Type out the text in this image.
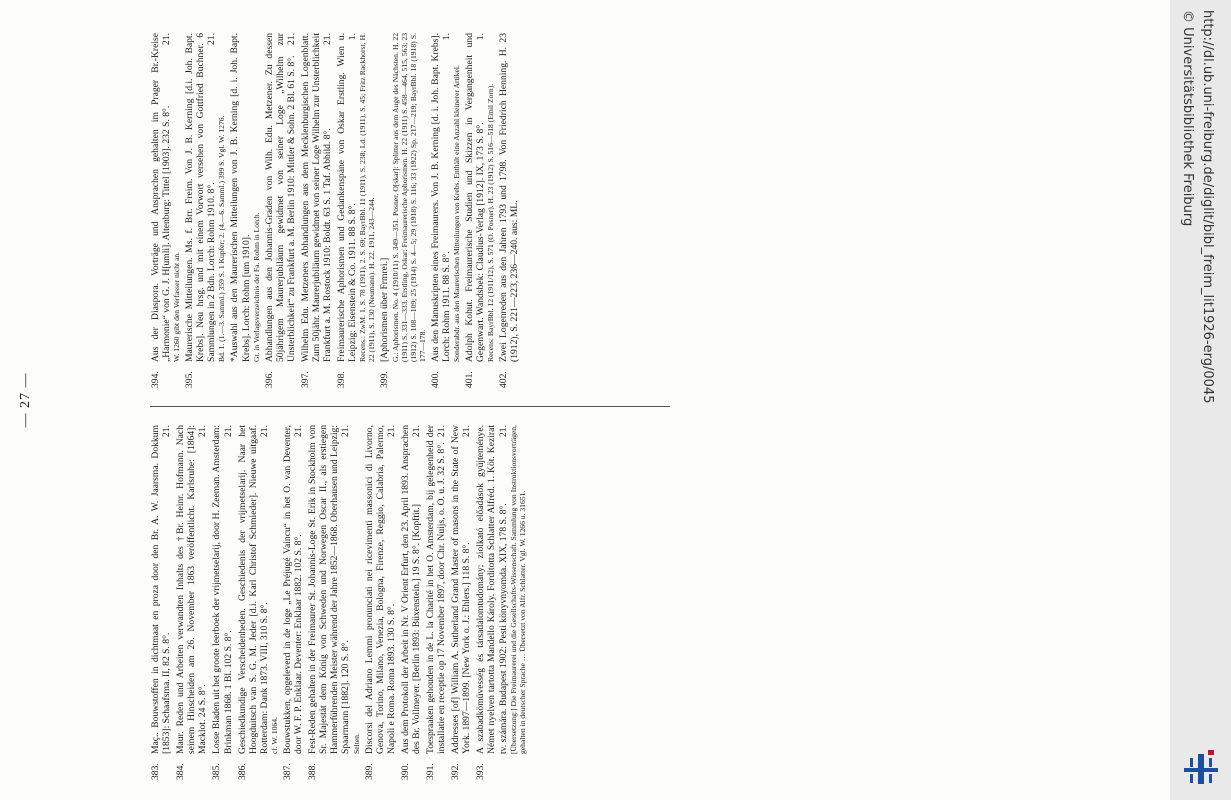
— 27 —
383.
Maç.. Bouwstoffen in dichtmaat en proza door den Br. A. W. Jaarsma. Dokkum [1853]: Schaafsma. II, 82 S. 8°.
21.
384.
Maur. Reden und Arbeiten verwandten Inhalts des †Br. Heinr. Hofmann. Nach seinem Hinscheiden am 26. November 1863 veröffentlicht. Karlsruhe: [1864]: Macklot. 24 S. 8°.
21.
385.
Losse Bladen uit het groote leerboek der vrijmetselarij, door H. Zeeman. Amsterdam: Brinkman 1868. 1 Bl. 102 S. 8°.
21.
386.
Geschiedkundige Verscheidenheden. Geschiedenis der vrijmetselarij. Naar het Hoogduitsch van S. G. M. Jeder [d.i. Karl Christof Schmieder]. Nieuwe uitgaaf. Rotterdam: Dank 1873. VIII, 310 S. 8°.
21.
cf. W. 1064.
387.
Bouwstukken, opgeleverd in de loge „Le Préjugé Vaincu“ in het O. van Deventer, door W. F. P. Enklaar. Deventer: Enklaar 1882. 102 S. 8°.
21.
388.
Fest-Reden gehalten in der Freimaurer St. Johannis-Loge St. Erik in Stockholm von Sr. Majestät dem König von Schweden und Norwegen Oscar II., als erstiegen Hammerführenden Meister während der Jahre 1852—1868. Oberhausen und Leipzig: Spaarmann [1882]. 120 S. 8°.
21.
Selten.
389.
Discorsi del Adriano Lemmi pronunciati nei ricevimenti massonici di Livorno, Genova, Torino, Milano, Venezia, Bologna, Firenze, Reggio, Calabria, Palermo, Napoli e Roma. Roma 1893. 130 S. 8°.
21.
390.
Aus dem Protokoll der Arbeit in Nr. V Orient Erfurt, den 23. April 1893. Ansprachen des Br. Vollmeyer. [Berlin 1893: Büxenstein.] 19 S. 8°. [Kopftit.]
21.
391.
Toespraaken gehouden in de L. la Charité in het O. Amsterdam, bij gelegenheid der installatie en receptie op 17 November 1897, door Chr. Nuijs, o. O. u. J. 32 S. 8°.
21.
392.
Addresses [of] William A. Sutherland Grand Master of masons in the State of New York. 1897—1899. [New York o. J.: Ehlers.] 118 S. 8°.
21.
393.
A szabadkömüvesség és társadalomtudomány; ziolkató előadások gyüjteménye. Német nyelven tartotta Mandello Károly. Forditotta Schlatter Alfréd. 1. Köt. Kezirat tv. számára. Budapest 1902: Pesti könyvnyomda. XIX, 178 S. 8°.
21. [Übersetzung:] Die Freimaurerei und die Gesellschafts-Wissenschaft. Sammlung von Instruktionsvorträgen, gehalten in deutscher Sprache … Übersetzt von Alfr. Schlatter. Vgl. W. 1266 u. 31651.
394.
Aus der Diaspora. Vorträge und Ansprachen gehalten im Prager Br.-Kreise „Harmonie“ von G. J. H[umli]. Altenburg: Tittel [1903]. 232 S. 8°.
21.
W. 1260 gibt den Verfasser nicht an.
395.
Maurerische Mitteilungen. Ms. f. Brr. Freim. Von J. B. Kerning [d.i. Joh. Bapt. Krebs]. Neu hrsg. und mit einem Vorwort versehen von Gottfried Buchner. 6 Sammlungen in 2 Bdn. Lorch: Rohm 1910. 8°.
21.
Bd. 1. (1.—3. Samml.) 359 S. 1 Kupfer; 2. (4.—6. Samml.) 399 S. Vgl. W. 1276. *Auswahl aus den Maurerischen Mitteilungen von J. B. Kerning [d. i. Joh. Bapt. Krebs]. Lorch: Rohm [um 1910]. Gt. in Verlagsverzeichnis der Fa. Rohm in Lorch.
396.
Abhandlungen aus den Johannis-Graden von Wilh. Edu. Metzener. Zu dessen 50jährigem Maurerjubiläum gewidmet von seiner Loge „Wilhelm zur Unsterblichkeit“ zu Frankfurt a. M. Berlin 1910: Mittler & Sohn. 2 Bl. 61 S. 8°.
21.
397.
Wilhelm Edu. Metzeners Abhandlungen aus dem Mecklenburgischen Logenblatt. Zum 50jähr. Maurerjubiläum gewidmet von seiner Loge Wilhelm zur Unsterblichkeit Frankfurt a. M. Rostock 1910: Boldt. 63 S. 1 Taf. Abbild. 8°.
21.
398.
Freimaurerische Aphorismen und Gedankenspäne von Oskar Erstling. Wien u. Leipzig: Eisenstein & Co. 1911. 88 S. 8°.
1. Recens.: ZwM. 1. S. 78 (1911), 2. S. 69; BayrBbl. 11 (1911), S. 238; Ld. (1911), S. 45; Fritz Rackhorst, H. 22 (1911), S. 130 (Neumann). H. 22. 1911, 243—244.
399.
[Aphorismen über Frmrei.] G.: Aphorismen. No. 4 (1910/11) S. 349—351. Posner, O[skar]: Splitter aus dem Auge des Nächsten. H. 22 (1911) S. 331—333. Erstling, Oskar: Freimaurerische Aphorismen. H. 22 (1911) S. 458—464, 515, 563; 23 (1912) S. 108—109; 25 (1914) S. 4—5; 29 (1918) S. 116; 33 (1922) Sp. 217—219; BayrBbl. 18 (1918) S. 177—178.
400.
Aus den Manuskripten eines Freimaurers. Von J. B. Kerning [d. i. Joh. Bapt. Krebs]. Lorch: Rohm 1911. 88 S. 8°.
1.
Sonderabdr. aus den Maurerischen Mitteilungen von Krebs. Enthält eine Anzahl kleinerer Artikel.
401.
Adolph Kohut. Freimaurerische Studien und Skizzen in Vergangenheit und Gegenwart. Wandsbek: Claudius-Verlag [1912]. IX, 173 S. 8°.
1.
Recens: BayrBbl. 12 (1911/12), S. 571 (O. Posner). H. 23 (1912) S. 516—518 (Emil Zorn).
402.
Zwei Logenreden aus den Jahren 1793 und 1798. Von Friedrich Henning. H. 23 (1912), S. 221—223, 236—240. aus: ML.	http://dl.ub.uni-freiburg.de/diglit/bibl_freim_lit1926-erg/0045
© Universitätsbibliothek Freiburg
